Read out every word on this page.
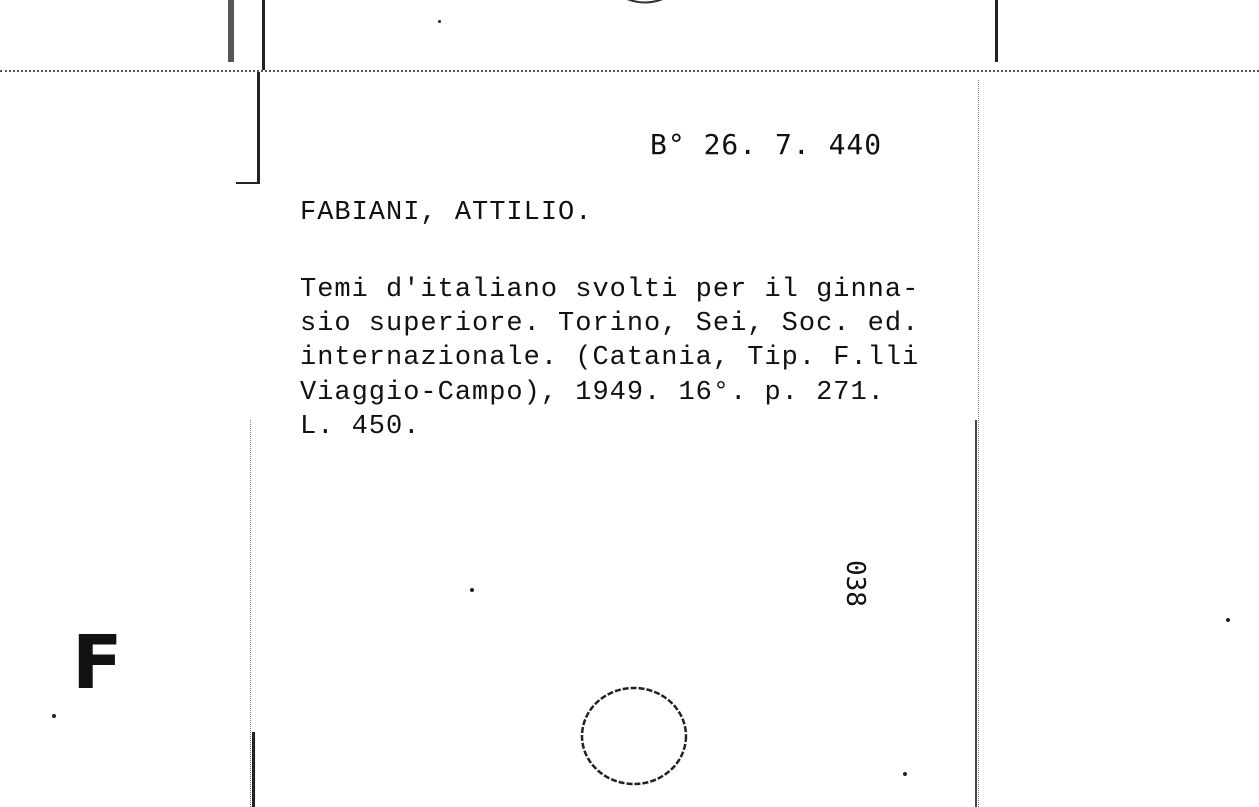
B° 26. 7. 440
FABIANI, ATTILIO.
Temi d'italiano svolti per il ginna-
sio superiore. Torino, Sei, Soc. ed.
internazionale. (Catania, Tip. F.lli
Viaggio-Campo), 1949. 16°. p. 271.
L. 450.
038
F
